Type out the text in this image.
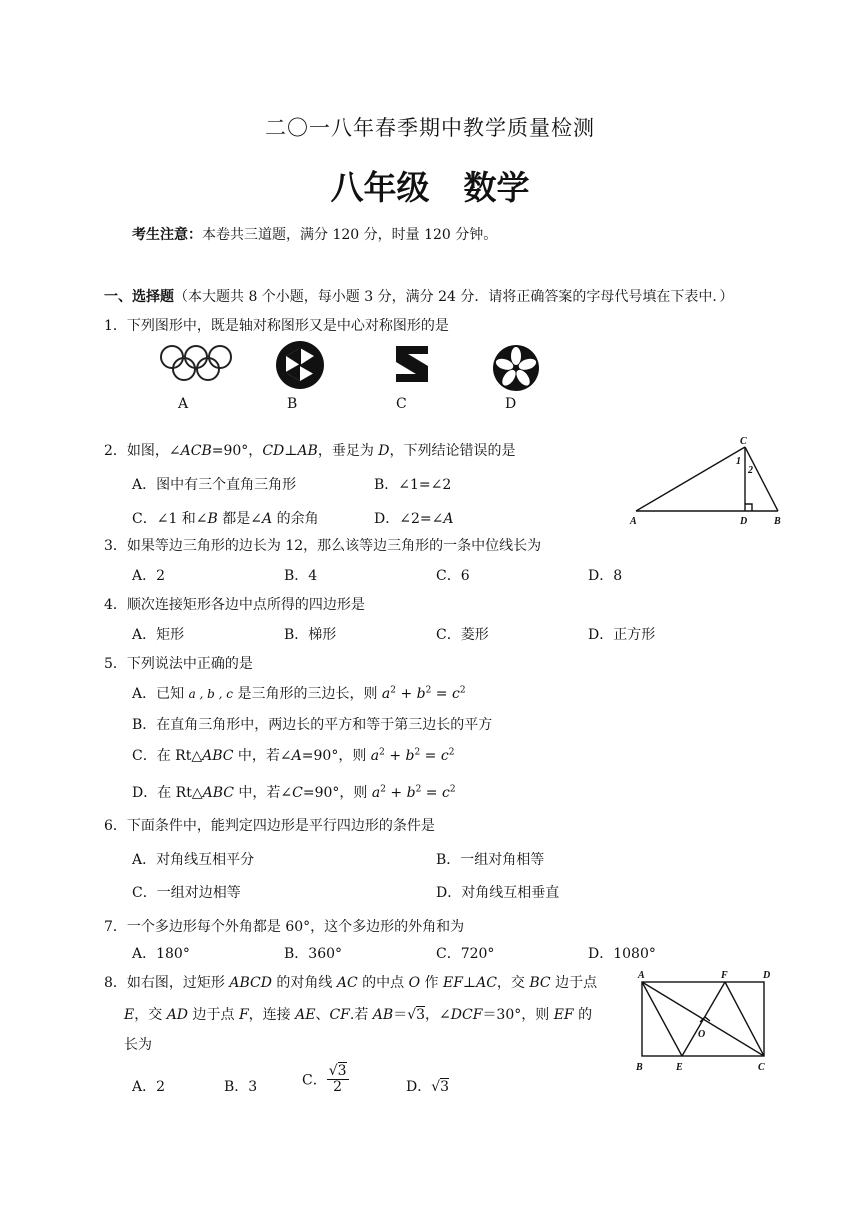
二〇一八年春季期中教学质量检测
八年级 数学
考生注意：本卷共三道题，满分 120 分，时量 120 分钟。
一、选择题（本大题共 8 个小题，每小题 3 分，满分 24 分．请将正确答案的字母代号填在下表中．）
1．下列图形中，既是轴对称图形又是中心对称图形的是
A	B	C	D
2．如图，∠ACB=90°，CD⊥AB，垂足为 D，下列结论错误的是
A．图中有三个直角三角形	B．∠1=∠2
C．∠1 和∠B 都是∠A 的余角	D．∠2=∠A
C
1
2
A	D	B
3．如果等边三角形的边长为 12，那么该等边三角形的一条中位线长为
A．2	B．4	C．6	D．8
4．顺次连接矩形各边中点所得的四边形是
A．矩形	B．梯形	C．菱形	D．正方形
5．下列说法中正确的是
A．已知 a , b , c 是三角形的三边长，则 $a^2 + b^2 = c^2$
B．在直角三角形中，两边长的平方和等于第三边长的平方
C．在 Rt△ABC 中，若∠A=90°，则 $a^2 + b^2 = c^2$
D．在 Rt△ABC 中，若∠C=90°，则 $a^2 + b^2 = c^2$
6．下面条件中，能判定四边形是平行四边形的条件是
A．对角线互相平分	B．一组对角相等
C．一组对边相等	D．对角线互相垂直
7．一个多边形每个外角都是 60°，这个多边形的外角和为
A．180°	B．360°	C．720°	D．1080°
8．如右图，过矩形 ABCD 的对角线 AC 的中点 O 作 EF⊥AC，交 BC 边于点
E，交 AD 边于点 F，连接 AE、CF.若 AB＝√3，∠DCF＝30°，则 EF 的
长为
A．2	B．3	C． $\frac{√3}{2}$	D．√3
A	F	D
O
B	E	C
